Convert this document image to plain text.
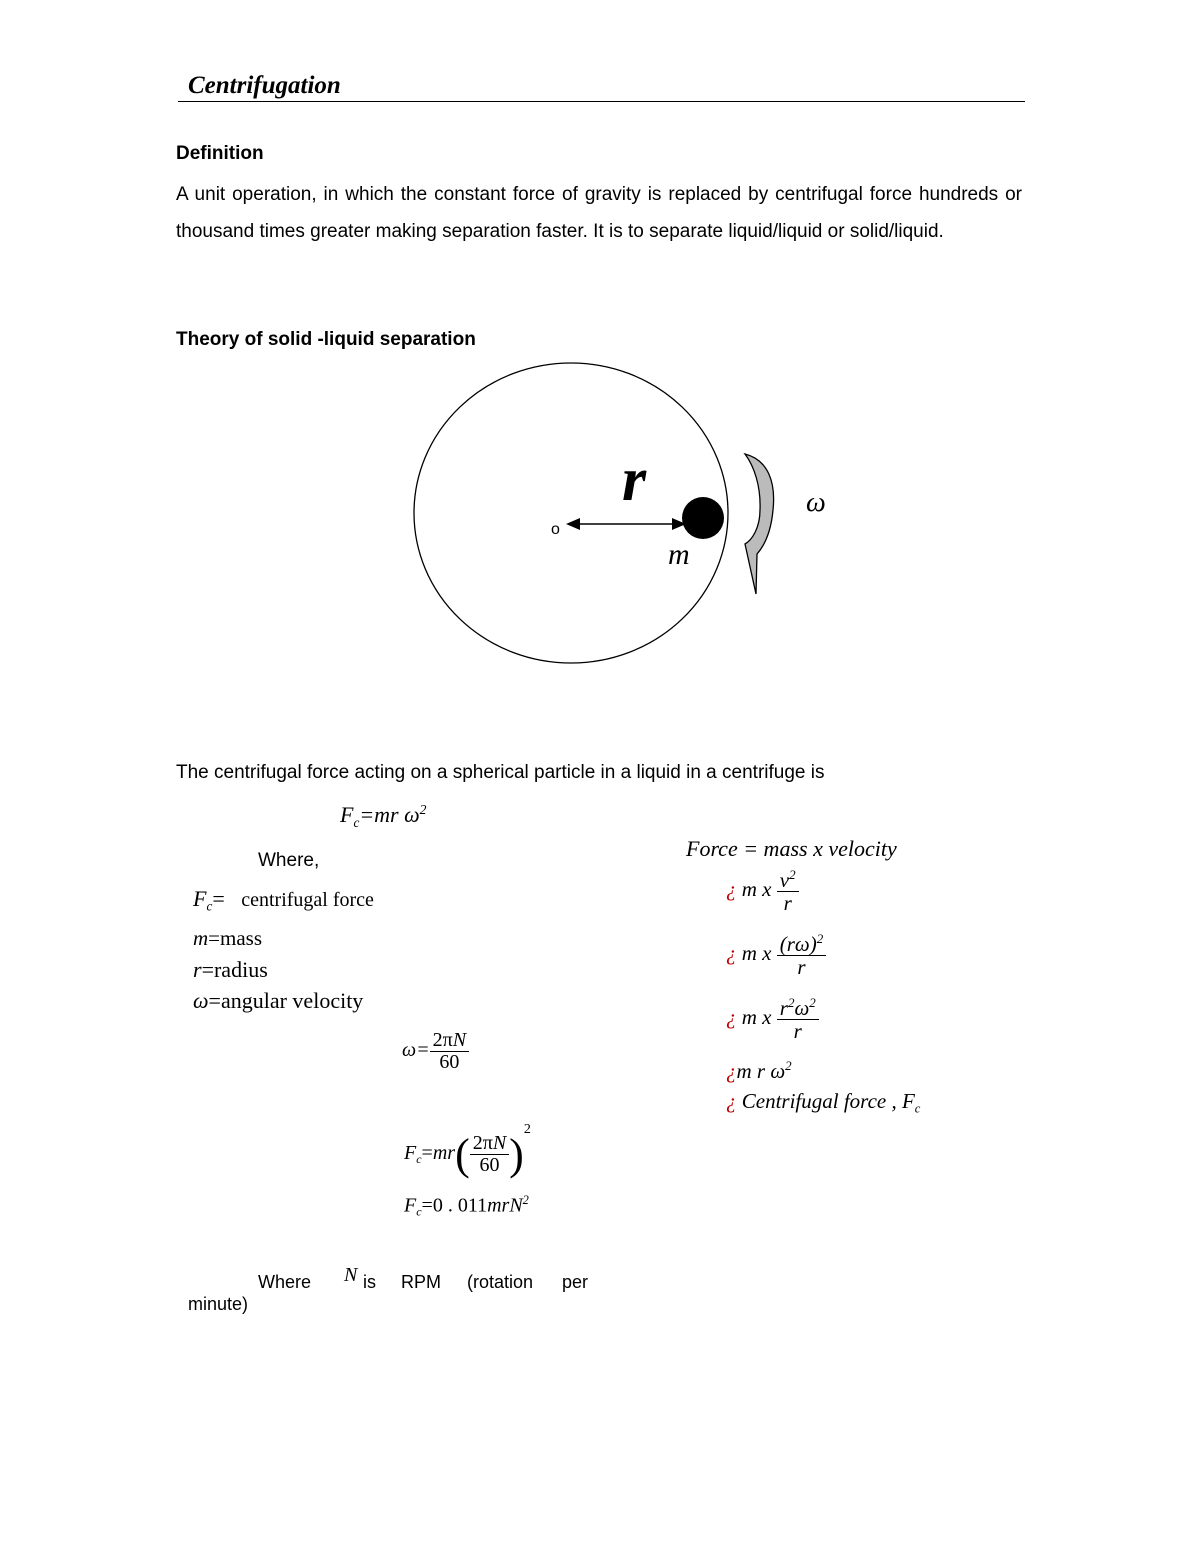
Centrifugation
Definition
A unit operation, in which the constant force of gravity is replaced by centrifugal force hundreds or thousand times greater making separation faster. It is to separate liquid/liquid or solid/liquid.
Theory of solid -liquid separation
o
r
m
ω
The centrifugal force acting on a spherical particle in a liquid in a centrifuge is
$F_c=mr$ $\omega^2$
Where,
$F_c=$ centrifugal force
m=mass
r=radius
ω=angular velocity
$\omega= \frac{2\pi N}{60}$
$F_c=mr( \frac{2\pi N}{60} )^2$
$F_c=0$ . 011mrN$^2$
Where N is RPM (rotation per
minute)
Force = mass x velocity
¿ m x $\frac{v^2}{r}$
¿ m x $\frac{(r\omega)^2}{r}$
¿ m x $\frac{r^2\omega^2}{r}$
¿m r $\omega^2$
¿ Centrifugal force , $F_c$
